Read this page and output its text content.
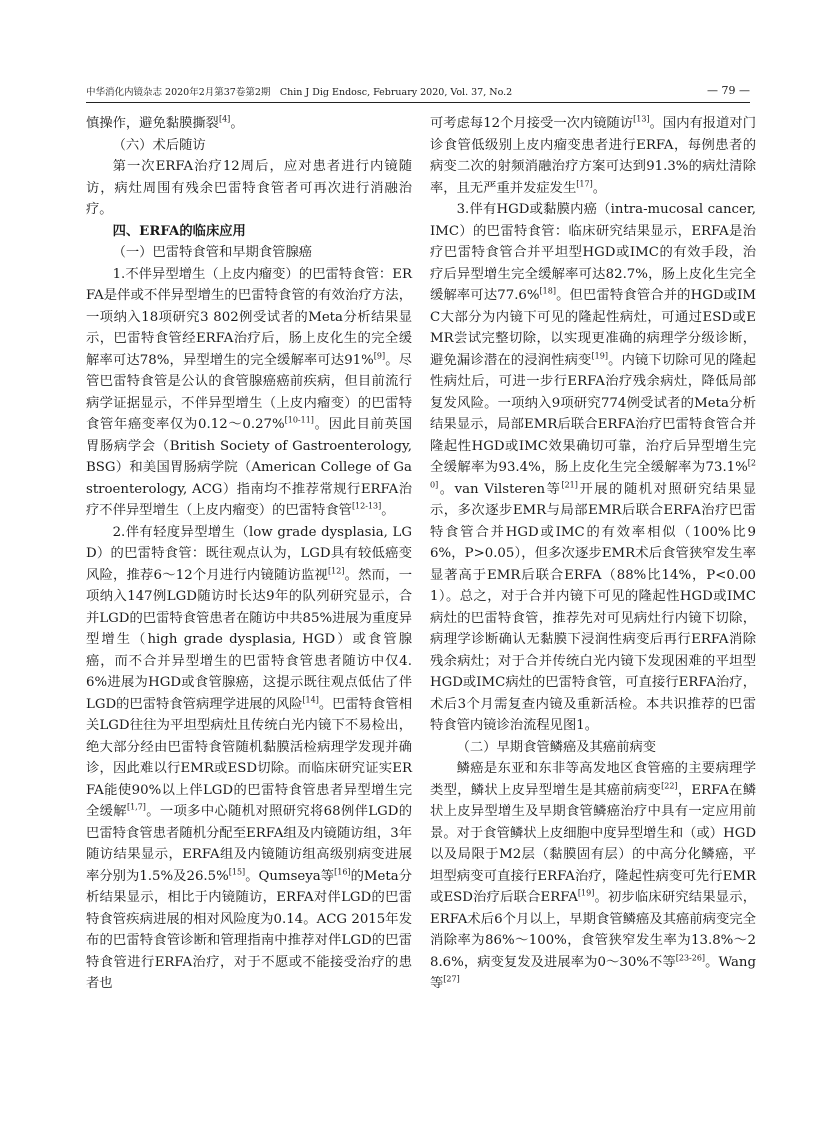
中华消化内镜杂志 2020年2月第37卷第2期　Chin J Dig Endosc, February 2020, Vol. 37, No.2	— 79 —

慎操作，避免黏膜撕裂[4]。

（六）术后随访

第一次ERFA治疗12周后，应对患者进行内镜随访，病灶周围有残余巴雷特食管者可再次进行消融治疗。

四、ERFA的临床应用

（一）巴雷特食管和早期食管腺癌

1.不伴异型增生（上皮内瘤变）的巴雷特食管：ERFA是伴或不伴异型增生的巴雷特食管的有效治疗方法，一项纳入18项研究3 802例受试者的Meta分析结果显示，巴雷特食管经ERFA治疗后，肠上皮化生的完全缓解率可达78%，异型增生的完全缓解率可达91%[9]。尽管巴雷特食管是公认的食管腺癌癌前疾病，但目前流行病学证据显示，不伴异型增生（上皮内瘤变）的巴雷特食管年癌变率仅为0.12～0.27%[10-11]。因此目前英国胃肠病学会（British Society of Gastroenterology, BSG）和美国胃肠病学院（American College of Gastroenterology, ACG）指南均不推荐常规行ERFA治疗不伴异型增生（上皮内瘤变）的巴雷特食管[12-13]。

2.伴有轻度异型增生（low grade dysplasia, LGD）的巴雷特食管：既往观点认为，LGD具有较低癌变风险，推荐6～12个月进行内镜随访监视[12]。然而，一项纳入147例LGD随访时长达9年的队列研究显示，合并LGD的巴雷特食管患者在随访中共85%进展为重度异型增生（high grade dysplasia, HGD）或食管腺癌，而不合并异型增生的巴雷特食管患者随访中仅4.6%进展为HGD或食管腺癌，这提示既往观点低估了伴LGD的巴雷特食管病理学进展的风险[14]。巴雷特食管相关LGD往往为平坦型病灶且传统白光内镜下不易检出，绝大部分经由巴雷特食管随机黏膜活检病理学发现并确诊，因此难以行EMR或ESD切除。而临床研究证实ERFA能使90%以上伴LGD的巴雷特食管患者异型增生完全缓解[1,7]。一项多中心随机对照研究将68例伴LGD的巴雷特食管患者随机分配至ERFA组及内镜随访组，3年随访结果显示，ERFA组及内镜随访组高级别病变进展率分别为1.5%及26.5%[15]。Qumseya等[16]的Meta分析结果显示，相比于内镜随访，ERFA对伴LGD的巴雷特食管疾病进展的相对风险度为0.14。ACG 2015年发布的巴雷特食管诊断和管理指南中推荐对伴LGD的巴雷特食管进行ERFA治疗，对于不愿或不能接受治疗的患者也

可考虑每12个月接受一次内镜随访[13]。国内有报道对门诊食管低级别上皮内瘤变患者进行ERFA，每例患者的病变二次的射频消融治疗方案可达到91.3%的病灶清除率，且无严重并发症发生[17]。

3.伴有HGD或黏膜内癌（intra-mucosal cancer, IMC）的巴雷特食管：临床研究结果显示，ERFA是治疗巴雷特食管合并平坦型HGD或IMC的有效手段，治疗后异型增生完全缓解率可达82.7%，肠上皮化生完全缓解率可达77.6%[18]。但巴雷特食管合并的HGD或IMC大部分为内镜下可见的隆起性病灶，可通过ESD或EMR尝试完整切除，以实现更准确的病理学分级诊断，避免漏诊潜在的浸润性病变[19]。内镜下切除可见的隆起性病灶后，可进一步行ERFA治疗残余病灶，降低局部复发风险。一项纳入9项研究774例受试者的Meta分析结果显示，局部EMR后联合ERFA治疗巴雷特食管合并隆起性HGD或IMC效果确切可靠，治疗后异型增生完全缓解率为93.4%，肠上皮化生完全缓解率为73.1%[20]。van Vilsteren等[21]开展的随机对照研究结果显示，多次逐步EMR与局部EMR后联合ERFA治疗巴雷特食管合并HGD或IMC的有效率相似（100%比96%，P>0.05），但多次逐步EMR术后食管狭窄发生率显著高于EMR后联合ERFA（88%比14%，P<0.001）。总之，对于合并内镜下可见的隆起性HGD或IMC病灶的巴雷特食管，推荐先对可见病灶行内镜下切除，病理学诊断确认无黏膜下浸润性病变后再行ERFA消除残余病灶；对于合并传统白光内镜下发现困难的平坦型HGD或IMC病灶的巴雷特食管，可直接行ERFA治疗，术后3个月需复查内镜及重新活检。本共识推荐的巴雷特食管内镜诊治流程见图1。

（二）早期食管鳞癌及其癌前病变

鳞癌是东亚和东非等高发地区食管癌的主要病理学类型，鳞状上皮异型增生是其癌前病变[22]，ERFA在鳞状上皮异型增生及早期食管鳞癌治疗中具有一定应用前景。对于食管鳞状上皮细胞中度异型增生和（或）HGD以及局限于M2层（黏膜固有层）的中高分化鳞癌，平坦型病变可直接行ERFA治疗，隆起性病变可先行EMR或ESD治疗后联合ERFA[19]。初步临床研究结果显示，ERFA术后6个月以上，早期食管鳞癌及其癌前病变完全消除率为86%～100%，食管狭窄发生率为13.8%～28.6%，病变复发及进展率为0～30%不等[23-26]。Wang等[27]
